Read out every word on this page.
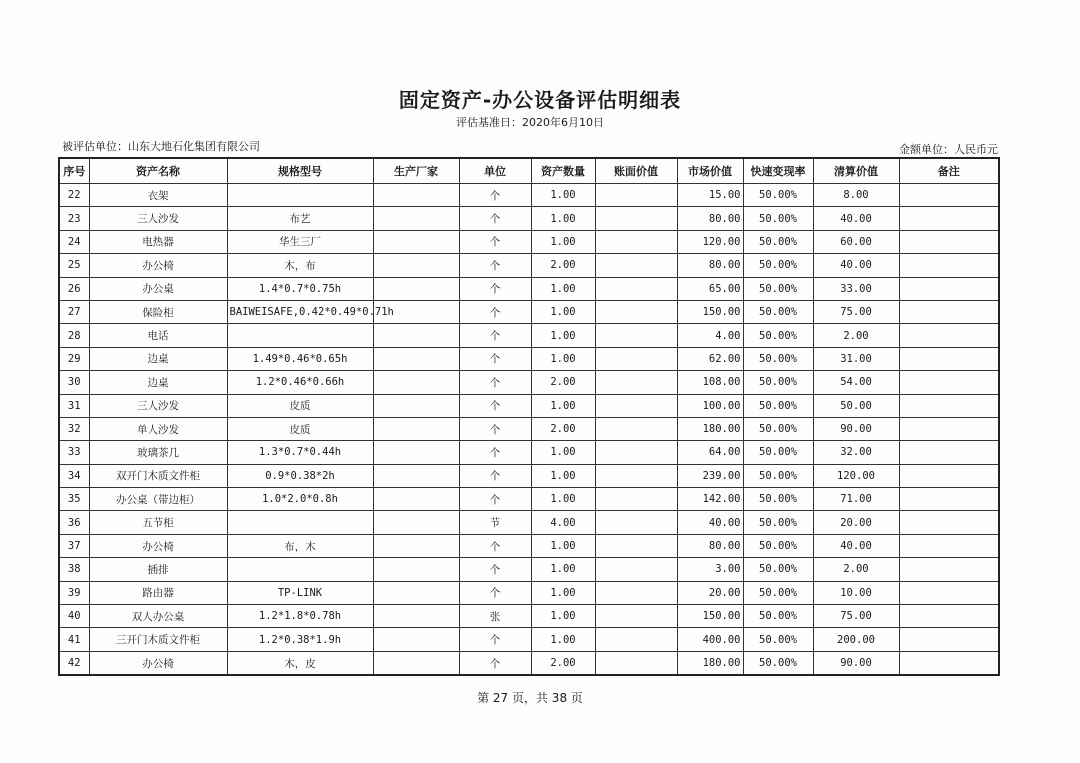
固定资产-办公设备评估明细表
评估基准日：2020年6月10日
被评估单位：山东大地石化集团有限公司	金额单位：人民币元
序号	资产名称	规格型号	生产厂家	单位	资产数量	账面价值	市场价值	快速变现率	清算价值	备注
22	衣架			个	1.00		15.00	50.00%	8.00	
23	三人沙发	布艺		个	1.00		80.00	50.00%	40.00	
24	电热器	华生三厂		个	1.00		120.00	50.00%	60.00	
25	办公椅	木，布		个	2.00		80.00	50.00%	40.00	
26	办公桌	1.4*0.7*0.75h		个	1.00		65.00	50.00%	33.00	
27	保险柜	BAIWEISAFE,0.42*0.49*0.71h		个	1.00		150.00	50.00%	75.00	
28	电话			个	1.00		4.00	50.00%	2.00	
29	边桌	1.49*0.46*0.65h		个	1.00		62.00	50.00%	31.00	
30	边桌	1.2*0.46*0.66h		个	2.00		108.00	50.00%	54.00	
31	三人沙发	皮质		个	1.00		100.00	50.00%	50.00	
32	单人沙发	皮质		个	2.00		180.00	50.00%	90.00	
33	玻璃茶几	1.3*0.7*0.44h		个	1.00		64.00	50.00%	32.00	
34	双开门木质文件柜	0.9*0.38*2h		个	1.00		239.00	50.00%	120.00	
35	办公桌（带边柜）	1.0*2.0*0.8h		个	1.00		142.00	50.00%	71.00	
36	五节柜			节	4.00		40.00	50.00%	20.00	
37	办公椅	布，木		个	1.00		80.00	50.00%	40.00	
38	插排			个	1.00		3.00	50.00%	2.00	
39	路由器	TP-LINK		个	1.00		20.00	50.00%	10.00	
40	双人办公桌	1.2*1.8*0.78h		张	1.00		150.00	50.00%	75.00	
41	三开门木质文件柜	1.2*0.38*1.9h		个	1.00		400.00	50.00%	200.00	
42	办公椅	木，皮		个	2.00		180.00	50.00%	90.00	
第 27 页，共 38 页
